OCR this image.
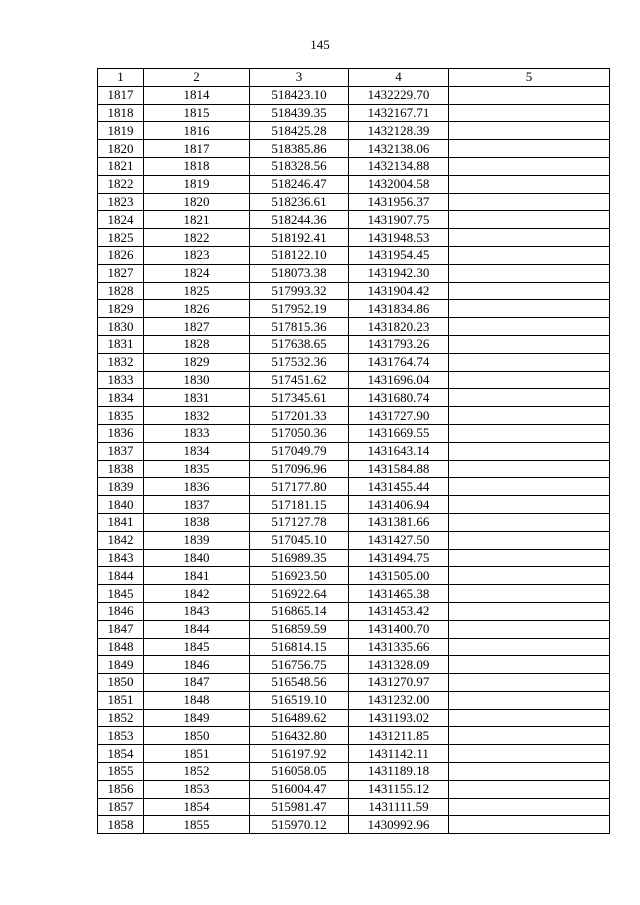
145
1	2	3	4	5
1817	1814	518423.10	1432229.70	
1818	1815	518439.35	1432167.71	
1819	1816	518425.28	1432128.39	
1820	1817	518385.86	1432138.06	
1821	1818	518328.56	1432134.88	
1822	1819	518246.47	1432004.58	
1823	1820	518236.61	1431956.37	
1824	1821	518244.36	1431907.75	
1825	1822	518192.41	1431948.53	
1826	1823	518122.10	1431954.45	
1827	1824	518073.38	1431942.30	
1828	1825	517993.32	1431904.42	
1829	1826	517952.19	1431834.86	
1830	1827	517815.36	1431820.23	
1831	1828	517638.65	1431793.26	
1832	1829	517532.36	1431764.74	
1833	1830	517451.62	1431696.04	
1834	1831	517345.61	1431680.74	
1835	1832	517201.33	1431727.90	
1836	1833	517050.36	1431669.55	
1837	1834	517049.79	1431643.14	
1838	1835	517096.96	1431584.88	
1839	1836	517177.80	1431455.44	
1840	1837	517181.15	1431406.94	
1841	1838	517127.78	1431381.66	
1842	1839	517045.10	1431427.50	
1843	1840	516989.35	1431494.75	
1844	1841	516923.50	1431505.00	
1845	1842	516922.64	1431465.38	
1846	1843	516865.14	1431453.42	
1847	1844	516859.59	1431400.70	
1848	1845	516814.15	1431335.66	
1849	1846	516756.75	1431328.09	
1850	1847	516548.56	1431270.97	
1851	1848	516519.10	1431232.00	
1852	1849	516489.62	1431193.02	
1853	1850	516432.80	1431211.85	
1854	1851	516197.92	1431142.11	
1855	1852	516058.05	1431189.18	
1856	1853	516004.47	1431155.12	
1857	1854	515981.47	1431111.59	
1858	1855	515970.12	1430992.96	
